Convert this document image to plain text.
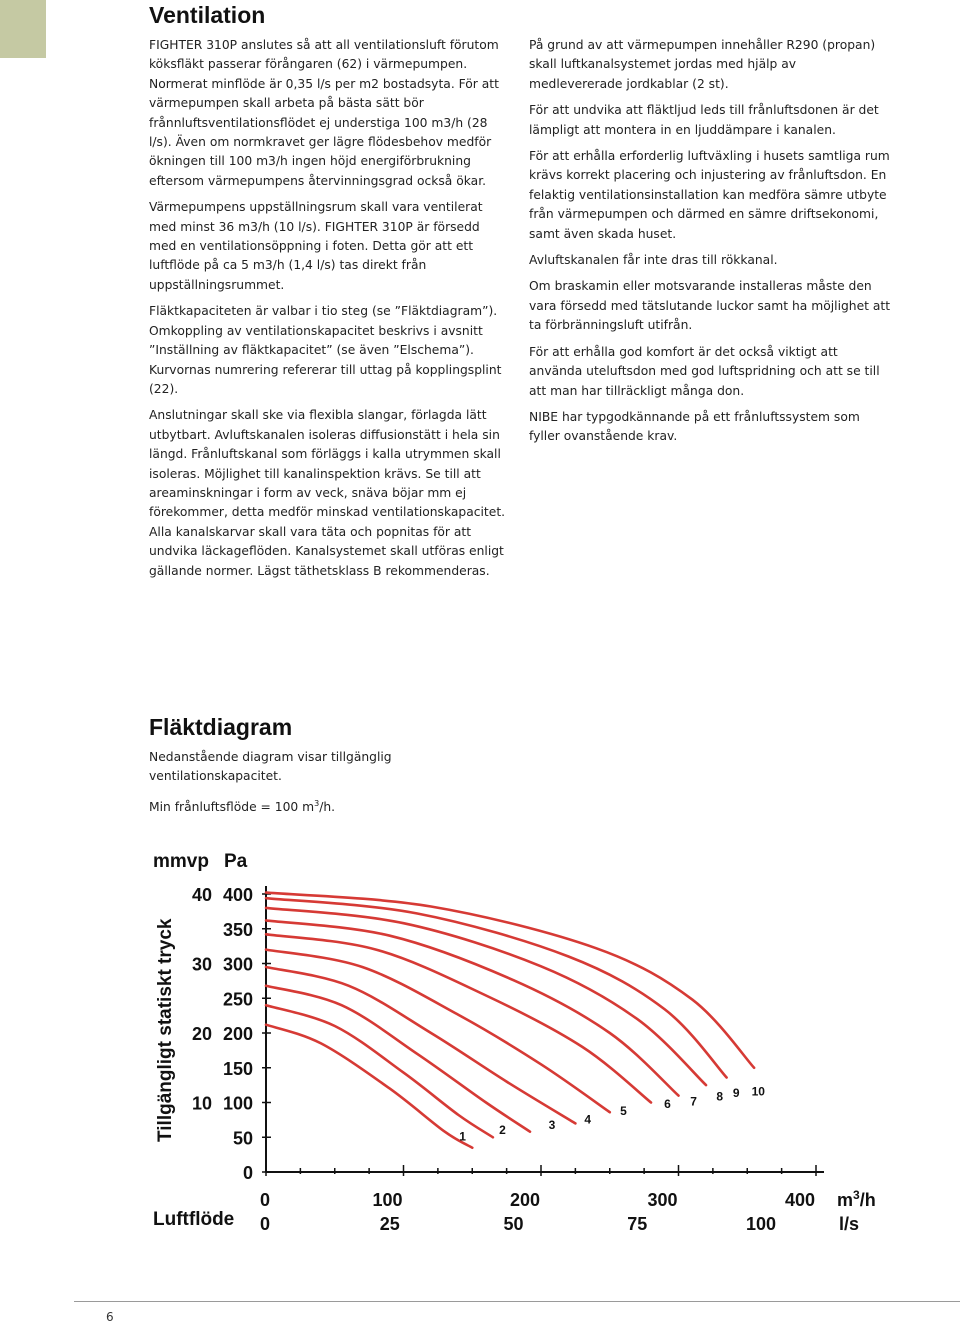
Ventilation

FIGHTER 310P anslutes så att all ventilationsluft förutom köksfläkt passerar förångaren (62) i värmepumpen. Normerat minflöde är 0,35 l/s per m2 bostadsyta. För att värmepumpen skall arbeta på bästa sätt bör frånnluftsventilationsflödet ej understiga 100 m3/h (28 l/s). Även om normkravet ger lägre flödesbehov medför ökningen till 100 m3/h ingen höjd energiförbrukning eftersom värmepumpens återvinningsgrad också ökar.

Värmepumpens uppställningsrum skall vara ventilerat med minst 36 m3/h (10 l/s). FIGHTER 310P är försedd med en ventilationsöppning i foten. Detta gör att ett luftflöde på ca 5 m3/h (1,4 l/s) tas direkt från uppställningsrummet.

Fläktkapaciteten är valbar i tio steg (se ”Fläktdiagram”). Omkoppling av ventilationskapacitet beskrivs i avsnitt ”Inställning av fläktkapacitet” (se även ”Elschema”). Kurvornas numrering refererar till uttag på kopplingsplint (22).

Anslutningar skall ske via flexibla slangar, förlagda lätt utbytbart. Avluftskanalen isoleras diffusionstätt i hela sin längd. Frånluftskanal som förläggs i kalla utrymmen skall isoleras. Möjlighet till kanalinspektion krävs. Se till att areaminskningar i form av veck, snäva böjar mm ej förekommer, detta medför minskad ventilationskapacitet. Alla kanalskarvar skall vara täta och popnitas för att undvika läckageflöden. Kanalsystemet skall utföras enligt gällande normer. Lägst täthetsklass B rekommenderas.

På grund av att värmepumpen innehåller R290 (propan) skall luftkanalsystemet jordas med hjälp av medlevererade jordkablar (2 st).

För att undvika att fläktljud leds till frånluftsdonen är det lämpligt att montera in en ljuddämpare i kanalen.

För att erhålla erforderlig luftväxling i husets samtliga rum krävs korrekt placering och injustering av frånluftsdon. En felaktig ventilationsinstallation kan medföra sämre utbyte från värmepumpen och därmed en sämre driftsekonomi, samt även skada huset.

Avluftskanalen får inte dras till rökkanal.

Om braskamin eller motsvarande installeras måste den vara försedd med tätslutande luckor samt ha möjlighet att ta förbränningsluft utifrån.

För att erhålla god komfort är det också viktigt att använda uteluftsdon med god luftspridning och att se till att man har tillräckligt många don.

NIBE har typgodkännande på ett frånluftssystem som fyller ovanstående krav.

Fläktdiagram

Nedanstående diagram visar tillgänglig ventilationskapacitet.

Min frånluftsflöde = 100 $m^3/h$.

0
50
100
150
200
250
300
350
400
10
20
30
40
mmvp Pa
Tillgängligt statiskt tryck
0	100	200	300	400
0	25	50	75	100
Luftflöde
$m^3/h$
l/s
1	2	3 4
5	6 7 8 9 10
6
